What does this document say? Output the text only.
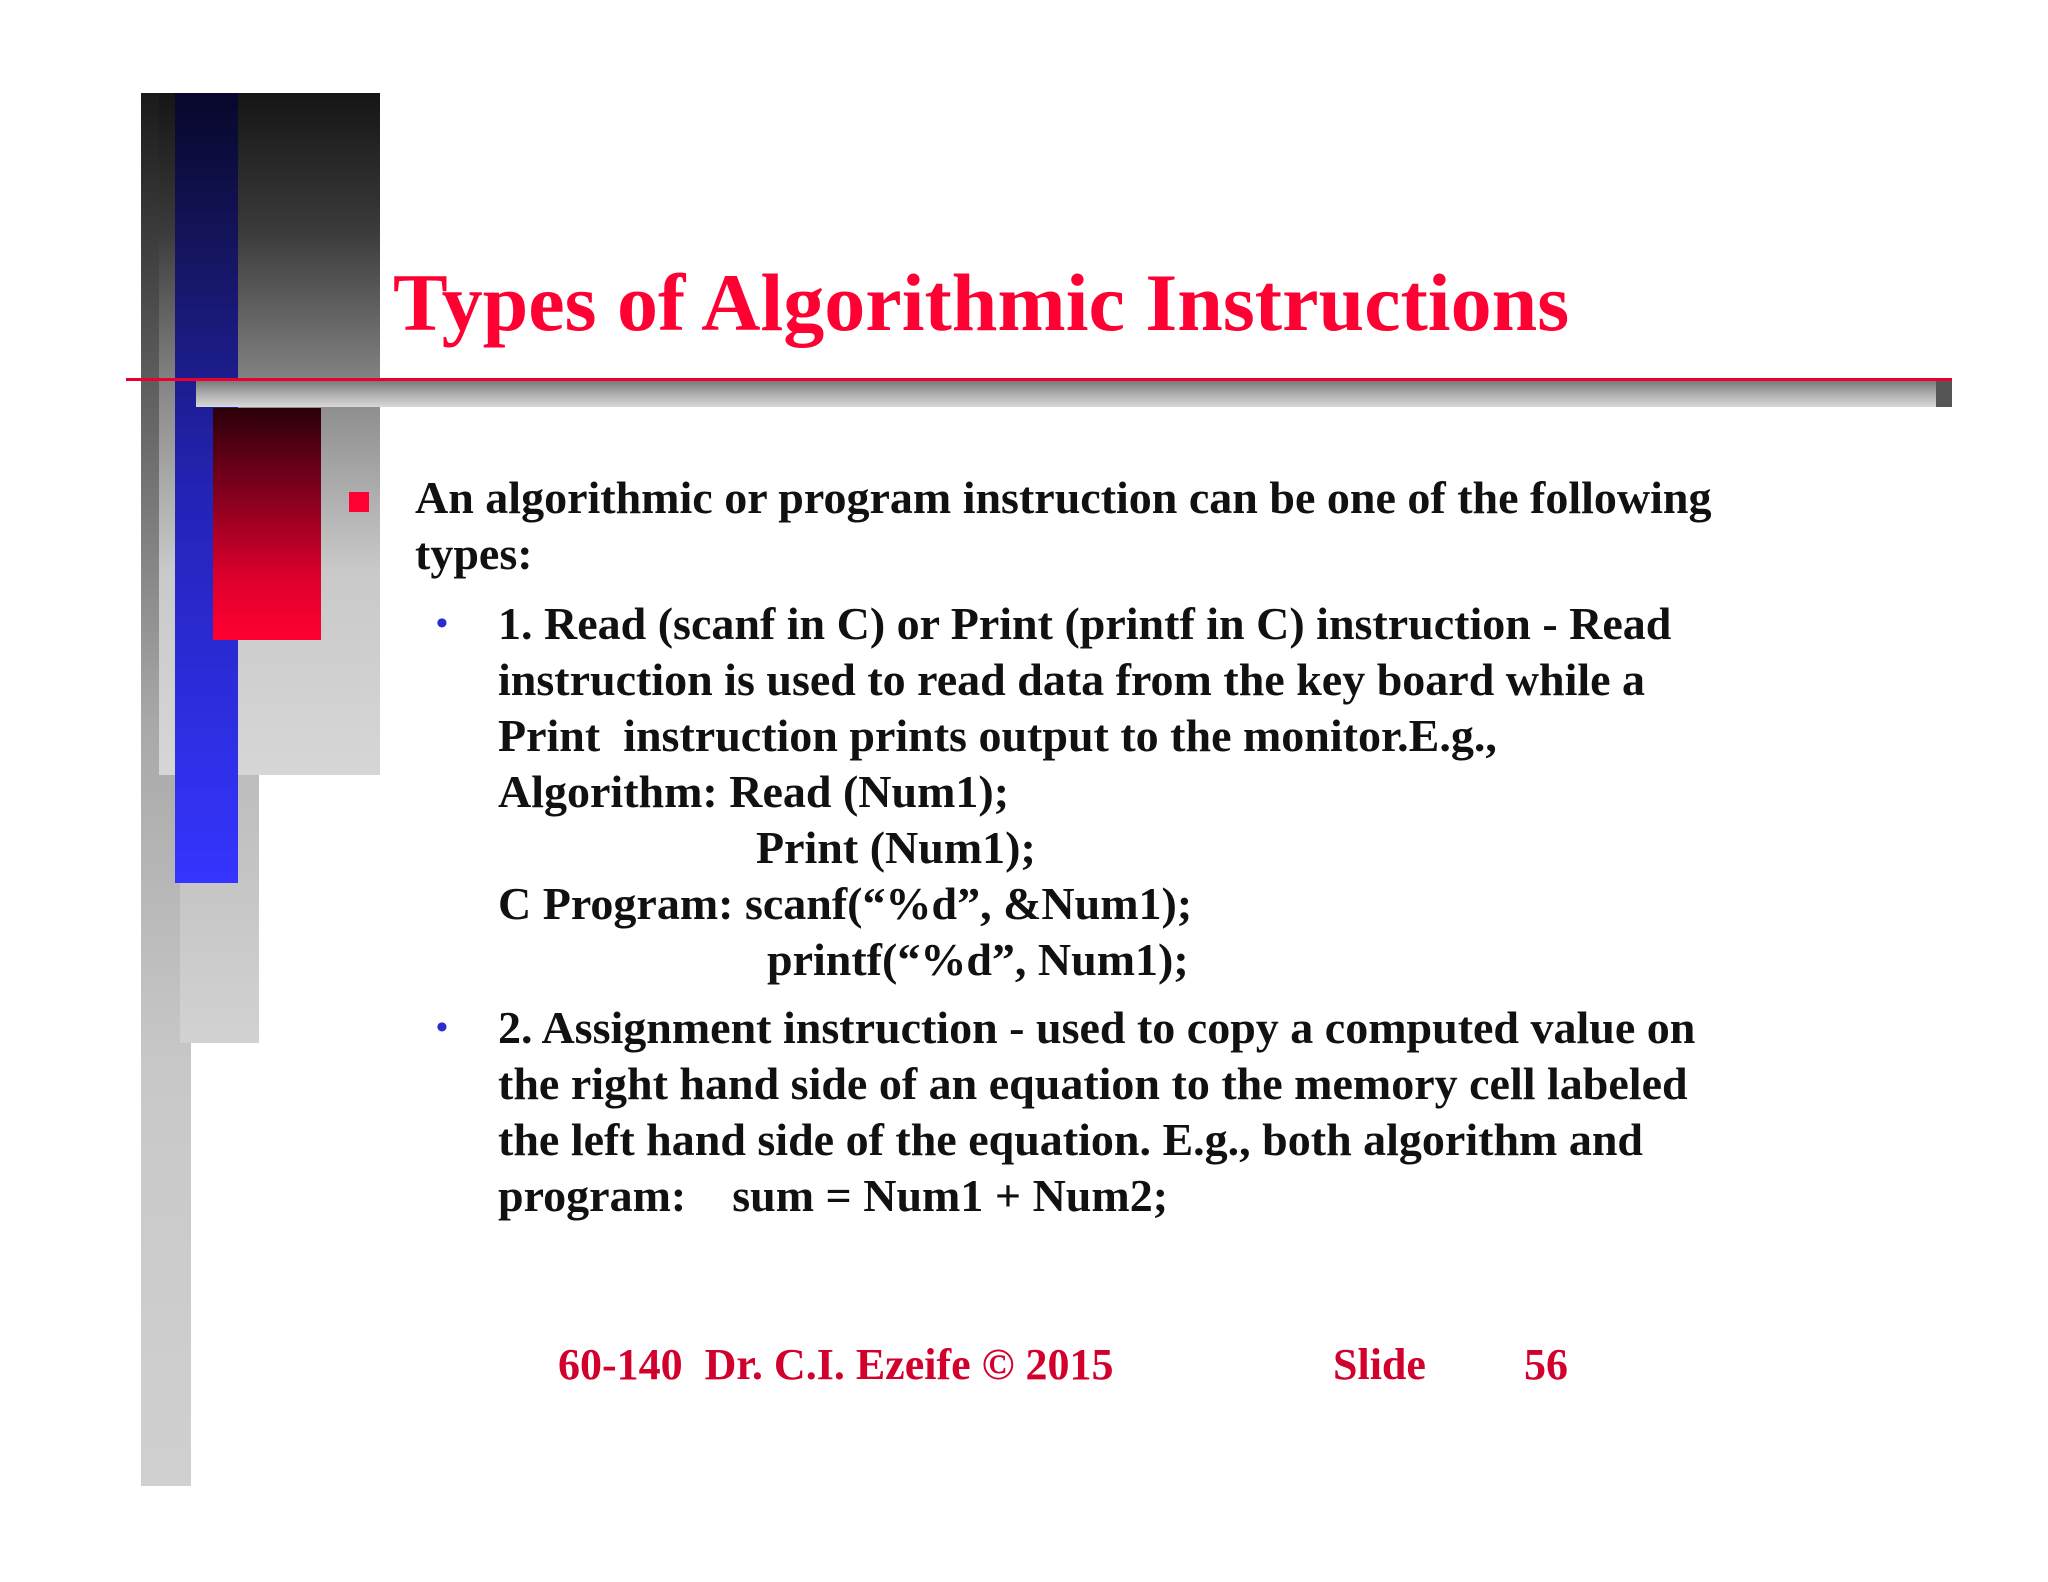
Types of Algorithmic Instructions
An algorithmic or program instruction can be one of the following
types:
• 1. Read (scanf in C) or Print (printf in C) instruction - Read
instruction is used to read data from the key board while a
Print  instruction prints output to the monitor.E.g.,
Algorithm: Read (Num1);
Print (Num1);
C Program: scanf(“%d”, &Num1);
printf(“%d”, Num1);
• 2. Assignment instruction - used to copy a computed value on
the right hand side of an equation to the memory cell labeled
the left hand side of the equation. E.g., both algorithm and
program:    sum = Num1 + Num2;
60-140  Dr. C.I. Ezeife © 2015	Slide 56
